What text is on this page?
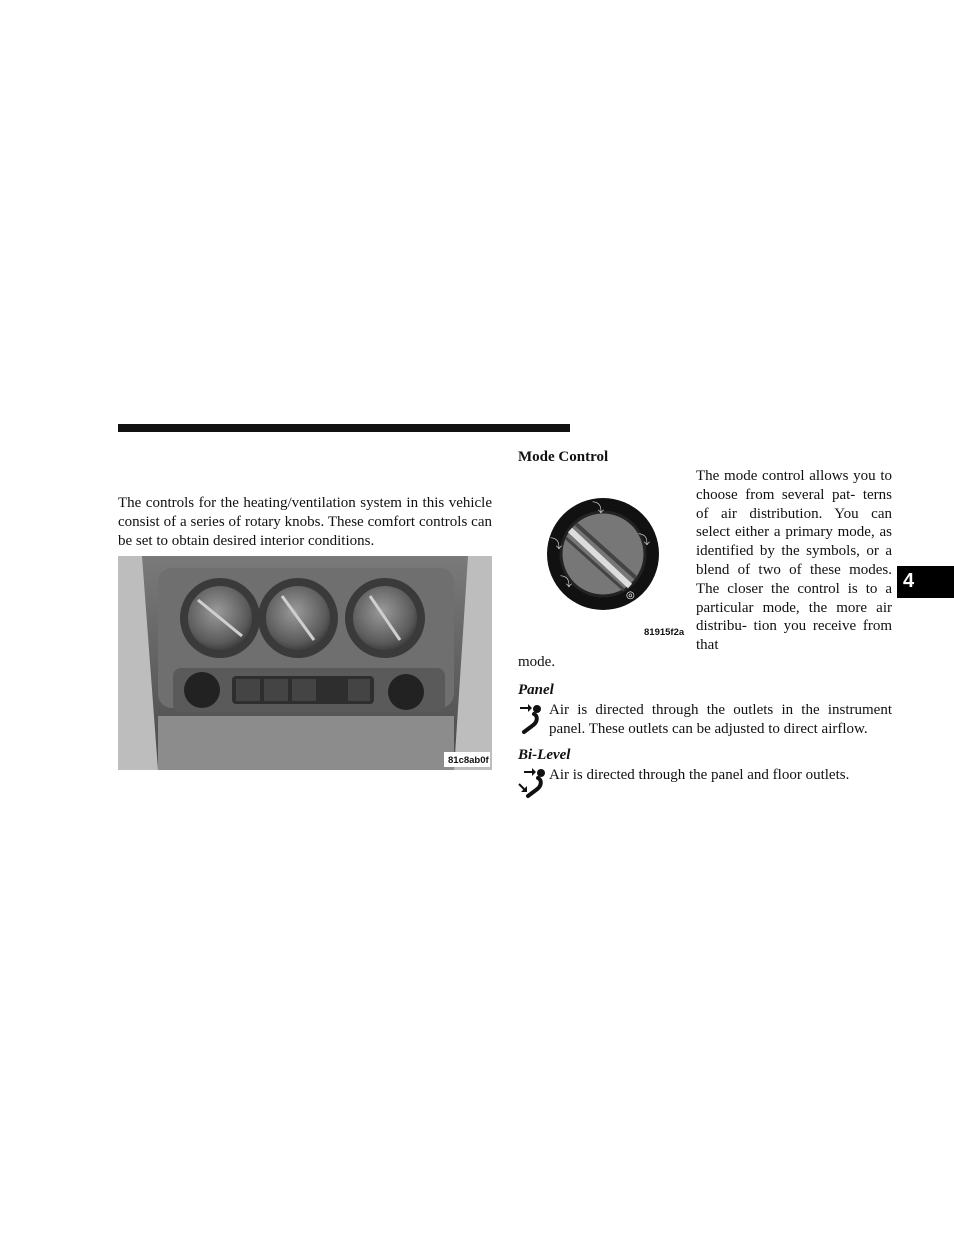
The controls for the heating/ventilation system in this vehicle consist of a series of rotary knobs. These comfort controls can be set to obtain desired interior conditions.

81c8ab0f
Mode Control
⤵
⤵	⤵
⤵
◎
81915f2a

The mode control allows you to choose from several pat- terns of air distribution. You can select either a primary mode, as identified by the symbols, or a blend of two of these modes. The closer the control is to a particular mode, the more air distribu- tion you receive from that

mode.
Panel

Air is directed through the outlets in the instrument panel. These outlets can be adjusted to direct airflow.

Bi-Level

Air is directed through the panel and floor outlets.

4
